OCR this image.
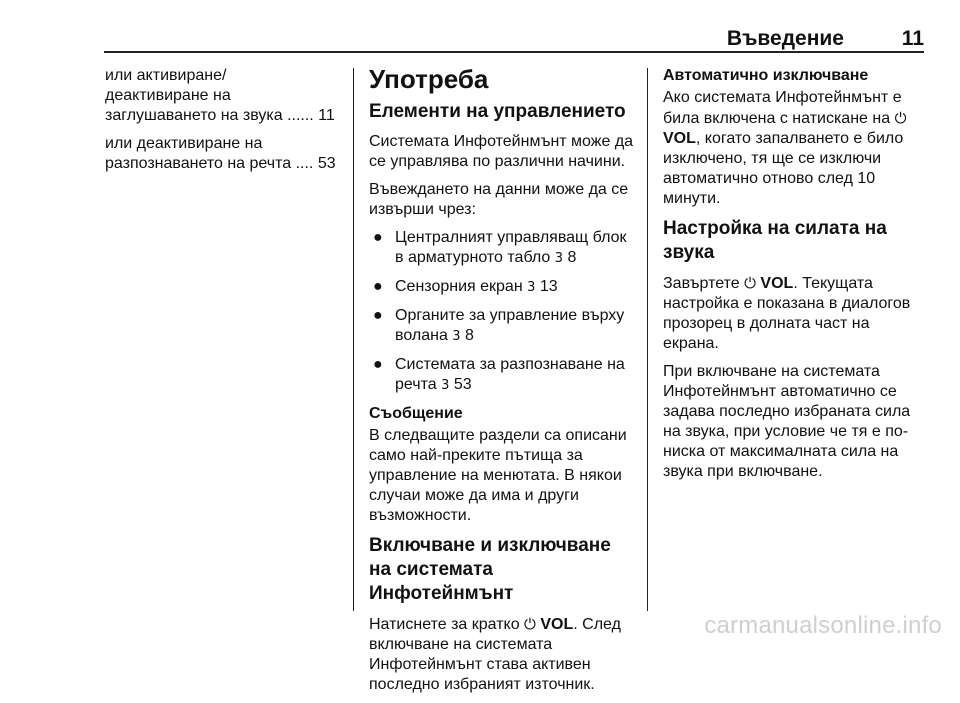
Въведение	11

или активиране/
деактивиране на
заглушаването на звука ...... 11

или деактивиране на
разпознаването на речта .... 53

Употреба
Елементи на управлението

Системата Инфотейнмънт може да се управлява по различни начини.

Въвеждането на данни може да се извърши чрез:

● Централният управляващ блок в арматурното табло 3 8
● Сензорния екран 3 13
● Органите за управление върху волана 3 8
● Системата за разпознаване на речта 3 53
Съобщение

В следващите раздели са описани само най-преките пътища за управление на менютата. В някои случаи може да има и други възможности.

Включване и изключване на системата Инфотейнмънт

Натиснете за кратко ⏻ VOL. След включване на системата Инфотейнмънт става активен последно избраният източник.

Автоматично изключване

Ако системата Инфотейнмънт е била включена с натискане на ⏻ VOL, когато запалването е било изключено, тя ще се изключи автоматично отново след 10 минути.

Настройка на силата на звука

Завъртете ⏻ VOL. Текущата настройка е показана в диалогов прозорец в долната част на екрана.

При включване на системата Инфотейнмънт автоматично се задава последно избраната сила на звука, при условие че тя е по-ниска от максималната сила на звука при включване.

carmanualsonline.info
